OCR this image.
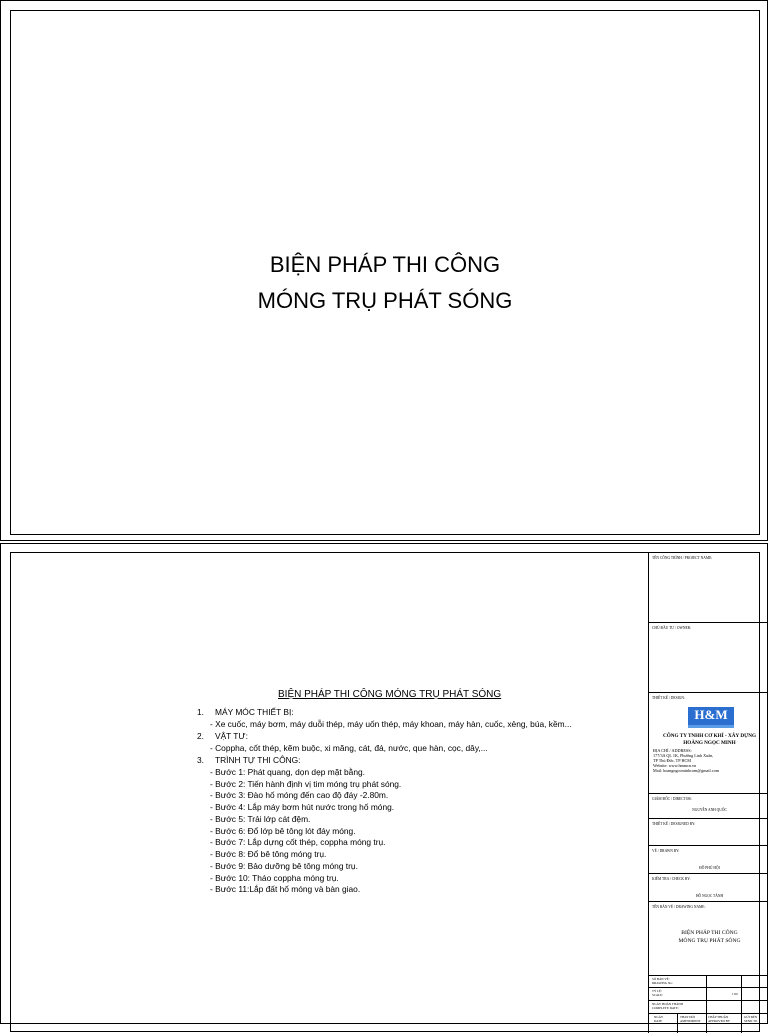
BIỆN PHÁP THI CÔNG
MÓNG TRỤ PHÁT SÓNG
BIỆN PHÁP THI CÔNG MÓNG TRỤ PHÁT SÓNG
1. MÁY MÓC THIẾT BỊ:
- Xe cuốc, máy bơm, máy duỗi thép, máy uốn thép, máy khoan, máy hàn, cuốc, xẻng, búa, kềm...
2. VẬT TƯ:
- Coppha, cốt thép, kẽm buộc, xi măng, cát, đá, nước, que hàn, cọc, dây,...
3. TRÌNH TỰ THI CÔNG:
- Bước 1: Phát quang, dọn dẹp mặt bằng.
- Bước 2: Tiến hành định vị tim móng trụ phát sóng.
- Bước 3: Đào hố móng đến cao độ đáy -2.80m.
- Bước 4: Lắp máy bơm hút nước trong hố móng.
- Bước 5: Trải lớp cát đệm.
- Bước 6: Đổ lớp bê tông lót đáy móng.
- Bước 7: Lắp dựng cốt thép, coppha móng trụ.
- Bước 8: Đổ bê tông móng trụ.
- Bước 9: Bảo dưỡng bê tông móng trụ.
- Bước 10: Tháo coppha móng trụ.
- Bước 11:Lắp đất hố móng và bàn giao.
TÊN CÔNG TRÌNH / PROJECT NAME:
CHỦ ĐẦU TƯ / OWNER:
THIẾT KẾ / DESIGN:
H&M
CÔNG TY TNHH CƠ KHÍ - XÂY DỰNG
HOÀNG NGỌC MINH
ĐỊA CHỈ / ADDRESS:
177/3A QL 1K, Phường Linh Xuân,
TP Thủ Đức, TP HCM
Website: www.hmmcn.vn
Mail: hoangngocminhcom@gmail.com
GIÁM ĐỐC / DIRECTOR:
NGUYỄN ANH QUỐC
THIẾT KẾ / DESIGNED BY:
VẼ / DRAWN BY:
ĐỖ PHÚ HỘI
KIỂM TRA / CHECK BY:
HỒ NGỌC TÀNH
TÊN BẢN VẼ / DRAWING NAME:
BIỆN PHÁP THI CÔNG
MÓNG TRỤ PHÁT SÓNG
SỐ BẢN VẼ:
DRAWING No:
TỶ LỆ:
SCALE:	1:00
NGÀY HOÀN THÀNH
COMPLETE DATE:
NGÀY
DATE
THAY ĐỔI
AMENDMENT
CHẤP THUẬN
APPROVED BY
GỬI ĐẾN
SEND TO
